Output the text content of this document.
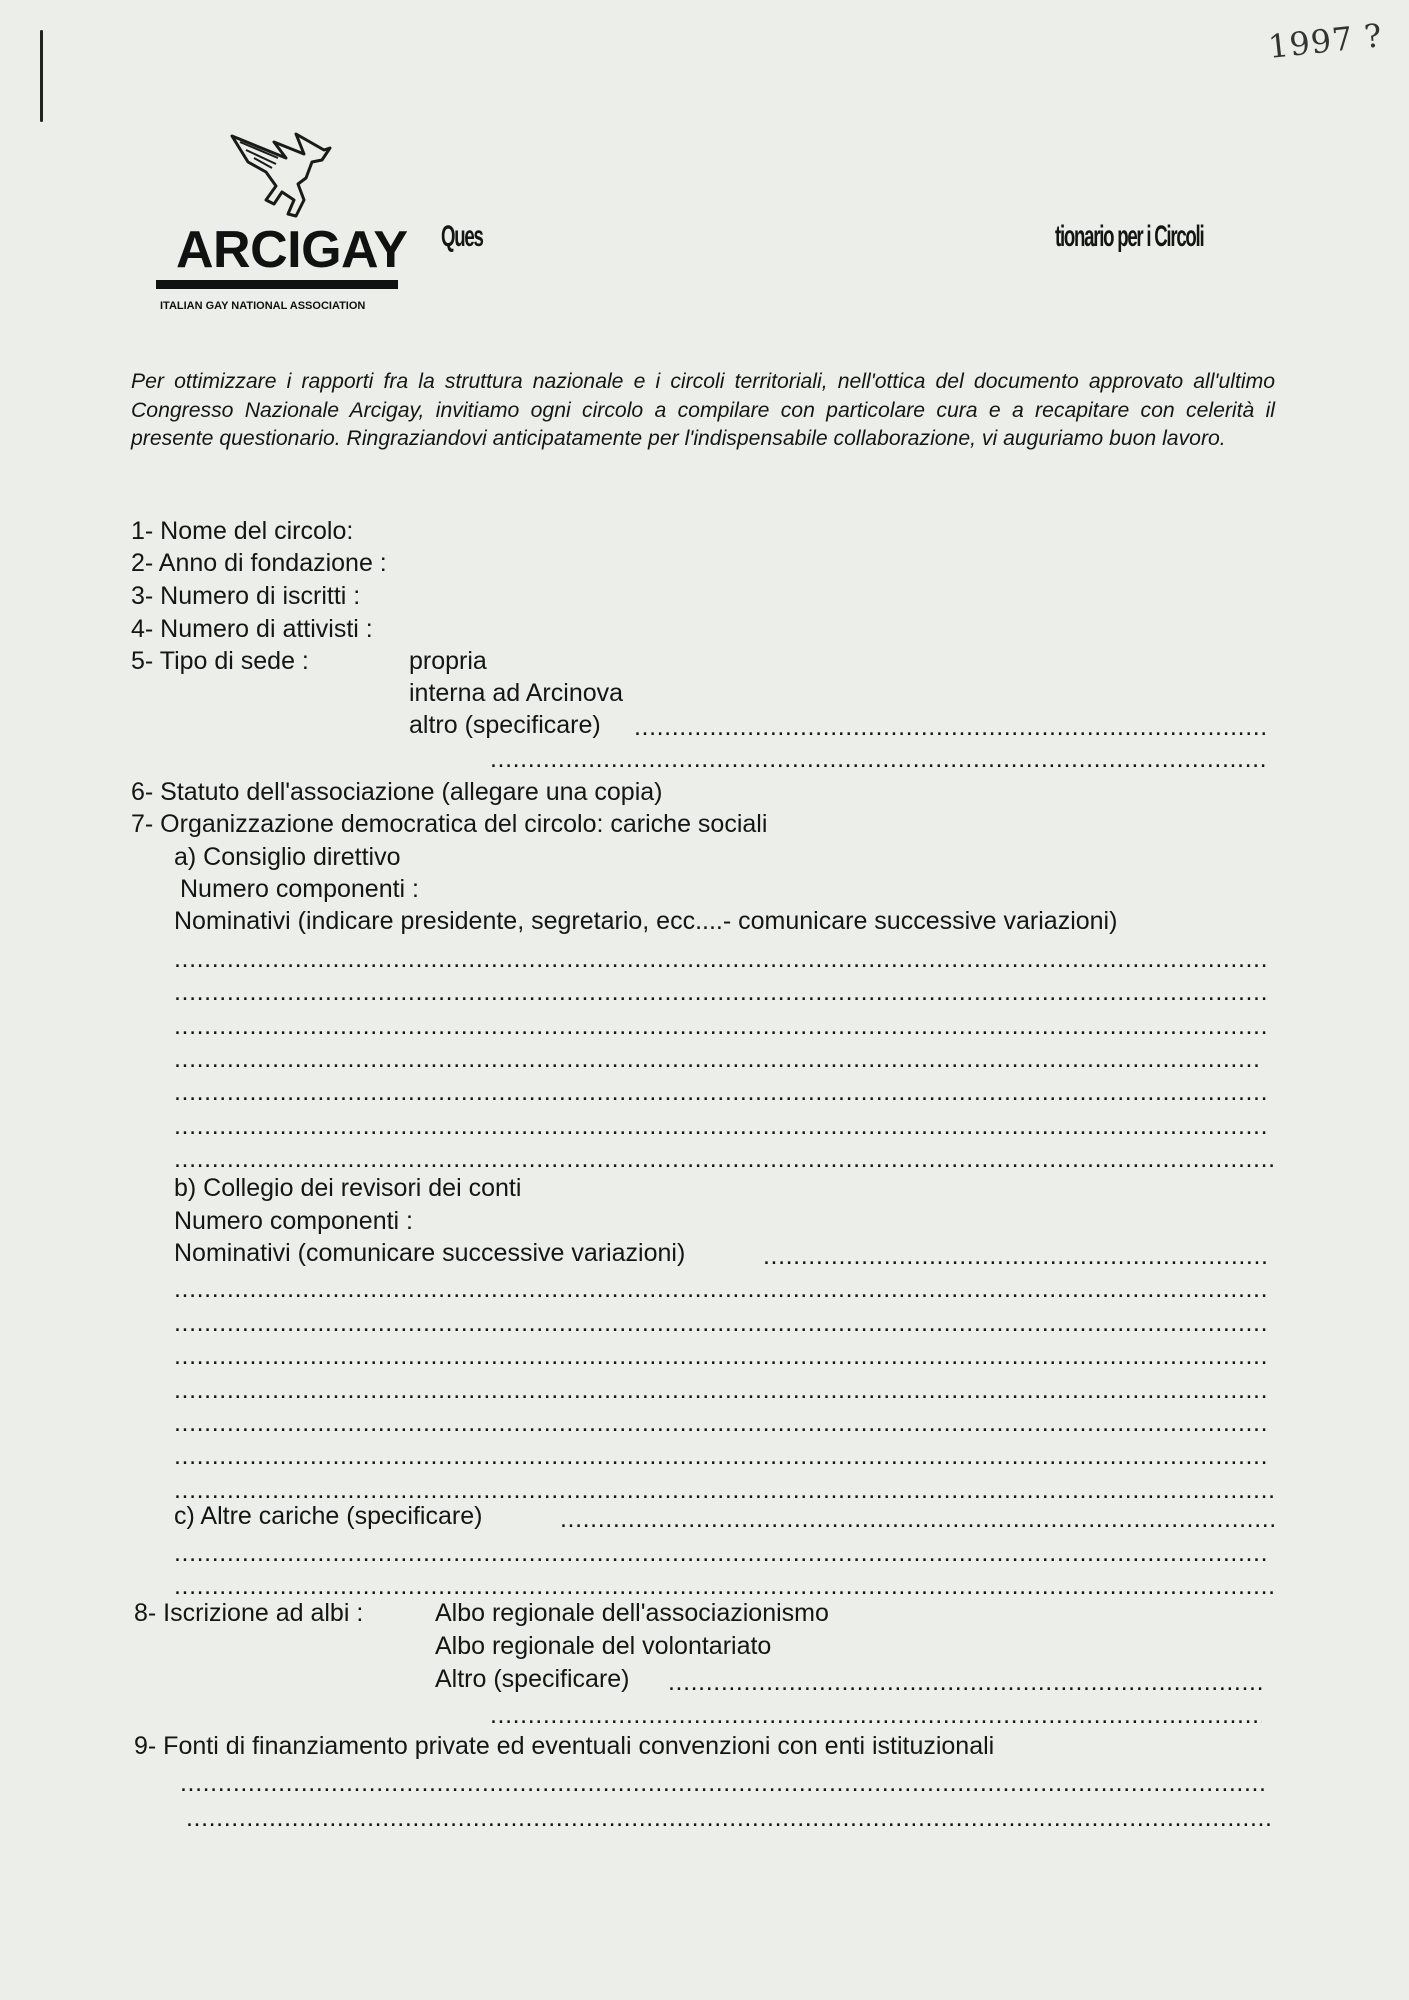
1997 ?
ARCIGAY
ITALIAN GAY NATIONAL ASSOCIATION
Ques	tionario per i Circoli
Per ottimizzare i rapporti fra la struttura nazionale e i circoli territoriali, nell'ottica del documento approvato all'ultimo Congresso Nazionale Arcigay, invitiamo ogni circolo a compilare con particolare cura e a recapitare con celerità il presente questionario. Ringraziandovi anticipatamente per l'indispensabile collaborazione, vi auguriamo buon lavoro.
1- Nome del circolo:
2- Anno di fondazione :
3- Numero di iscritti :
4- Numero di attivisti :
5- Tipo di sede :	propria
interna ad Arcinova
altro (specificare)
.....
.....
6- Statuto dell'associazione (allegare una copia)
7- Organizzazione democratica del circolo: cariche sociali
a) Consiglio direttivo
Numero componenti :
Nominativi (indicare presidente, segretario, ecc....- comunicare successive variazioni)
.....
.....
.....
.....
.....
.....
.....
b) Collegio dei revisori dei conti
Numero componenti :
Nominativi (comunicare successive variazioni)
.....
.....
.....
.....
.....
.....
.....
.....
c) Altre cariche (specificare)
.....
.....
.....
8- Iscrizione ad albi :	Albo regionale dell'associazionismo
Albo regionale del volontariato
Altro (specificare)
.....
.....
9- Fonti di finanziamento private ed eventuali convenzioni con enti istituzionali
.....
.....
